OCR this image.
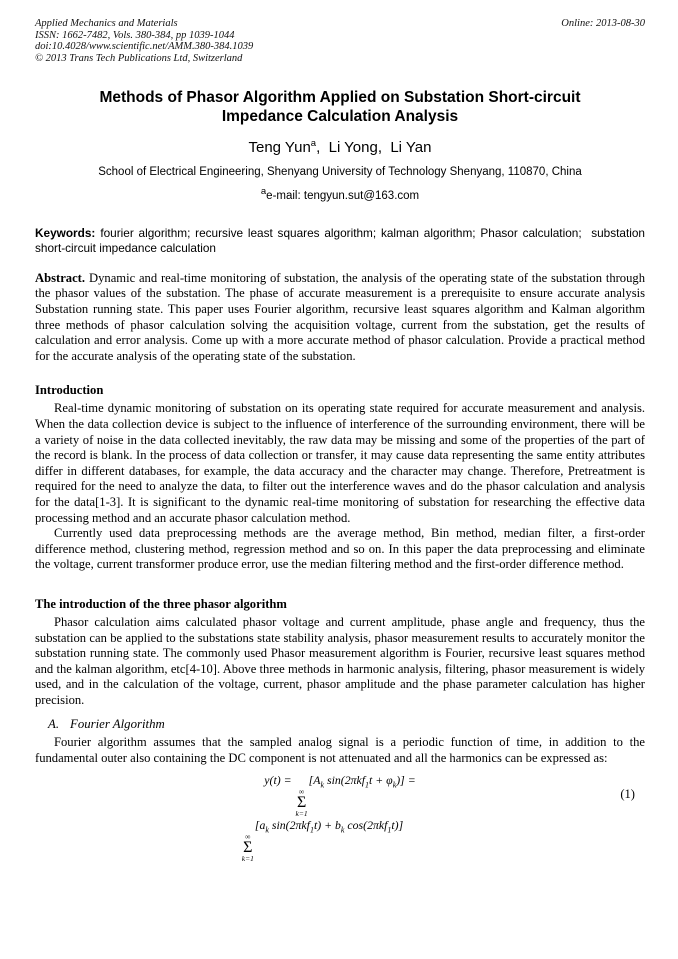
Applied Mechanics and Materials
ISSN: 1662-7482, Vols. 380-384, pp 1039-1044
doi:10.4028/www.scientific.net/AMM.380-384.1039
© 2013 Trans Tech Publications Ltd, Switzerland
Online: 2013-08-30
Methods of Phasor Algorithm Applied on Substation Short-circuit Impedance Calculation Analysis
Teng Yun$^a$,  Li Yong,  Li Yan
School of Electrical Engineering, Shenyang University of Technology Shenyang, 110870, China
$^a$e-mail: tengyun.sut@163.com
Keywords: fourier algorithm; recursive least squares algorithm; kalman algorithm; Phasor calculation;  substation short-circuit impedance calculation
Abstract. Dynamic and real-time monitoring of substation, the analysis of the operating state of the substation through the phasor values of the substation. The phase of accurate measurement is a prerequisite to ensure accurate analysis Substation running state. This paper uses Fourier algorithm, recursive least squares algorithm and Kalman algorithm three methods of phasor calculation solving the acquisition voltage, current from the substation, get the results of calculation and error analysis. Come up with a more accurate method of phasor calculation. Provide a practical method for the accurate analysis of the operating state of the substation.
Introduction
Real-time dynamic monitoring of substation on its operating state required for accurate measurement and analysis. When the data collection device is subject to the influence of interference of the surrounding environment, there will be a variety of noise in the data collected inevitably, the raw data may be missing and some of the properties of the part of the record is blank. In the process of data collection or transfer, it may cause data representing the same entity attributes differ in different databases, for example, the data accuracy and the character may change. Therefore, Pretreatment is required for the need to analyze the data, to filter out the interference waves and do the phasor calculation and analysis for the data[1-3]. It is significant to the dynamic real-time monitoring of substation for researching the effective data processing method and an accurate phasor calculation method.
Currently used data preprocessing methods are the average method, Bin method, median filter, a first-order difference method, clustering method, regression method and so on. In this paper the data preprocessing and eliminate the voltage, current transformer produce error, use the median filtering method and the first-order difference method.
The introduction of the three phasor algorithm
Phasor calculation aims calculated phasor voltage and current amplitude, phase angle and frequency, thus the substation can be applied to the substations state stability analysis, phasor measurement results to accurately monitor the substation running state. The commonly used Phasor measurement algorithm is Fourier, recursive least squares method and the kalman algorithm, etc[4-10]. Above three methods in harmonic analysis, filtering, phasor measurement is widely used, and in the calculation of the voltage, current, phasor amplitude and the phase parameter calculation has higher precision.
A. Fourier Algorithm
Fourier algorithm assumes that the sampled analog signal is a periodic function of time, in addition to the fundamental outer also containing the DC component is not attenuated and all the harmonics can be expressed as:
y(t) =
∞
Σ
k=1
[$A_k$ $\sin(2\pi kf_1t + \varphi_k)$] =
∞
Σ
k=1
[$a_k$ $\sin(2\pi kf_1t) + b_k$ cos(2πkf$_1$t)]
(1)
